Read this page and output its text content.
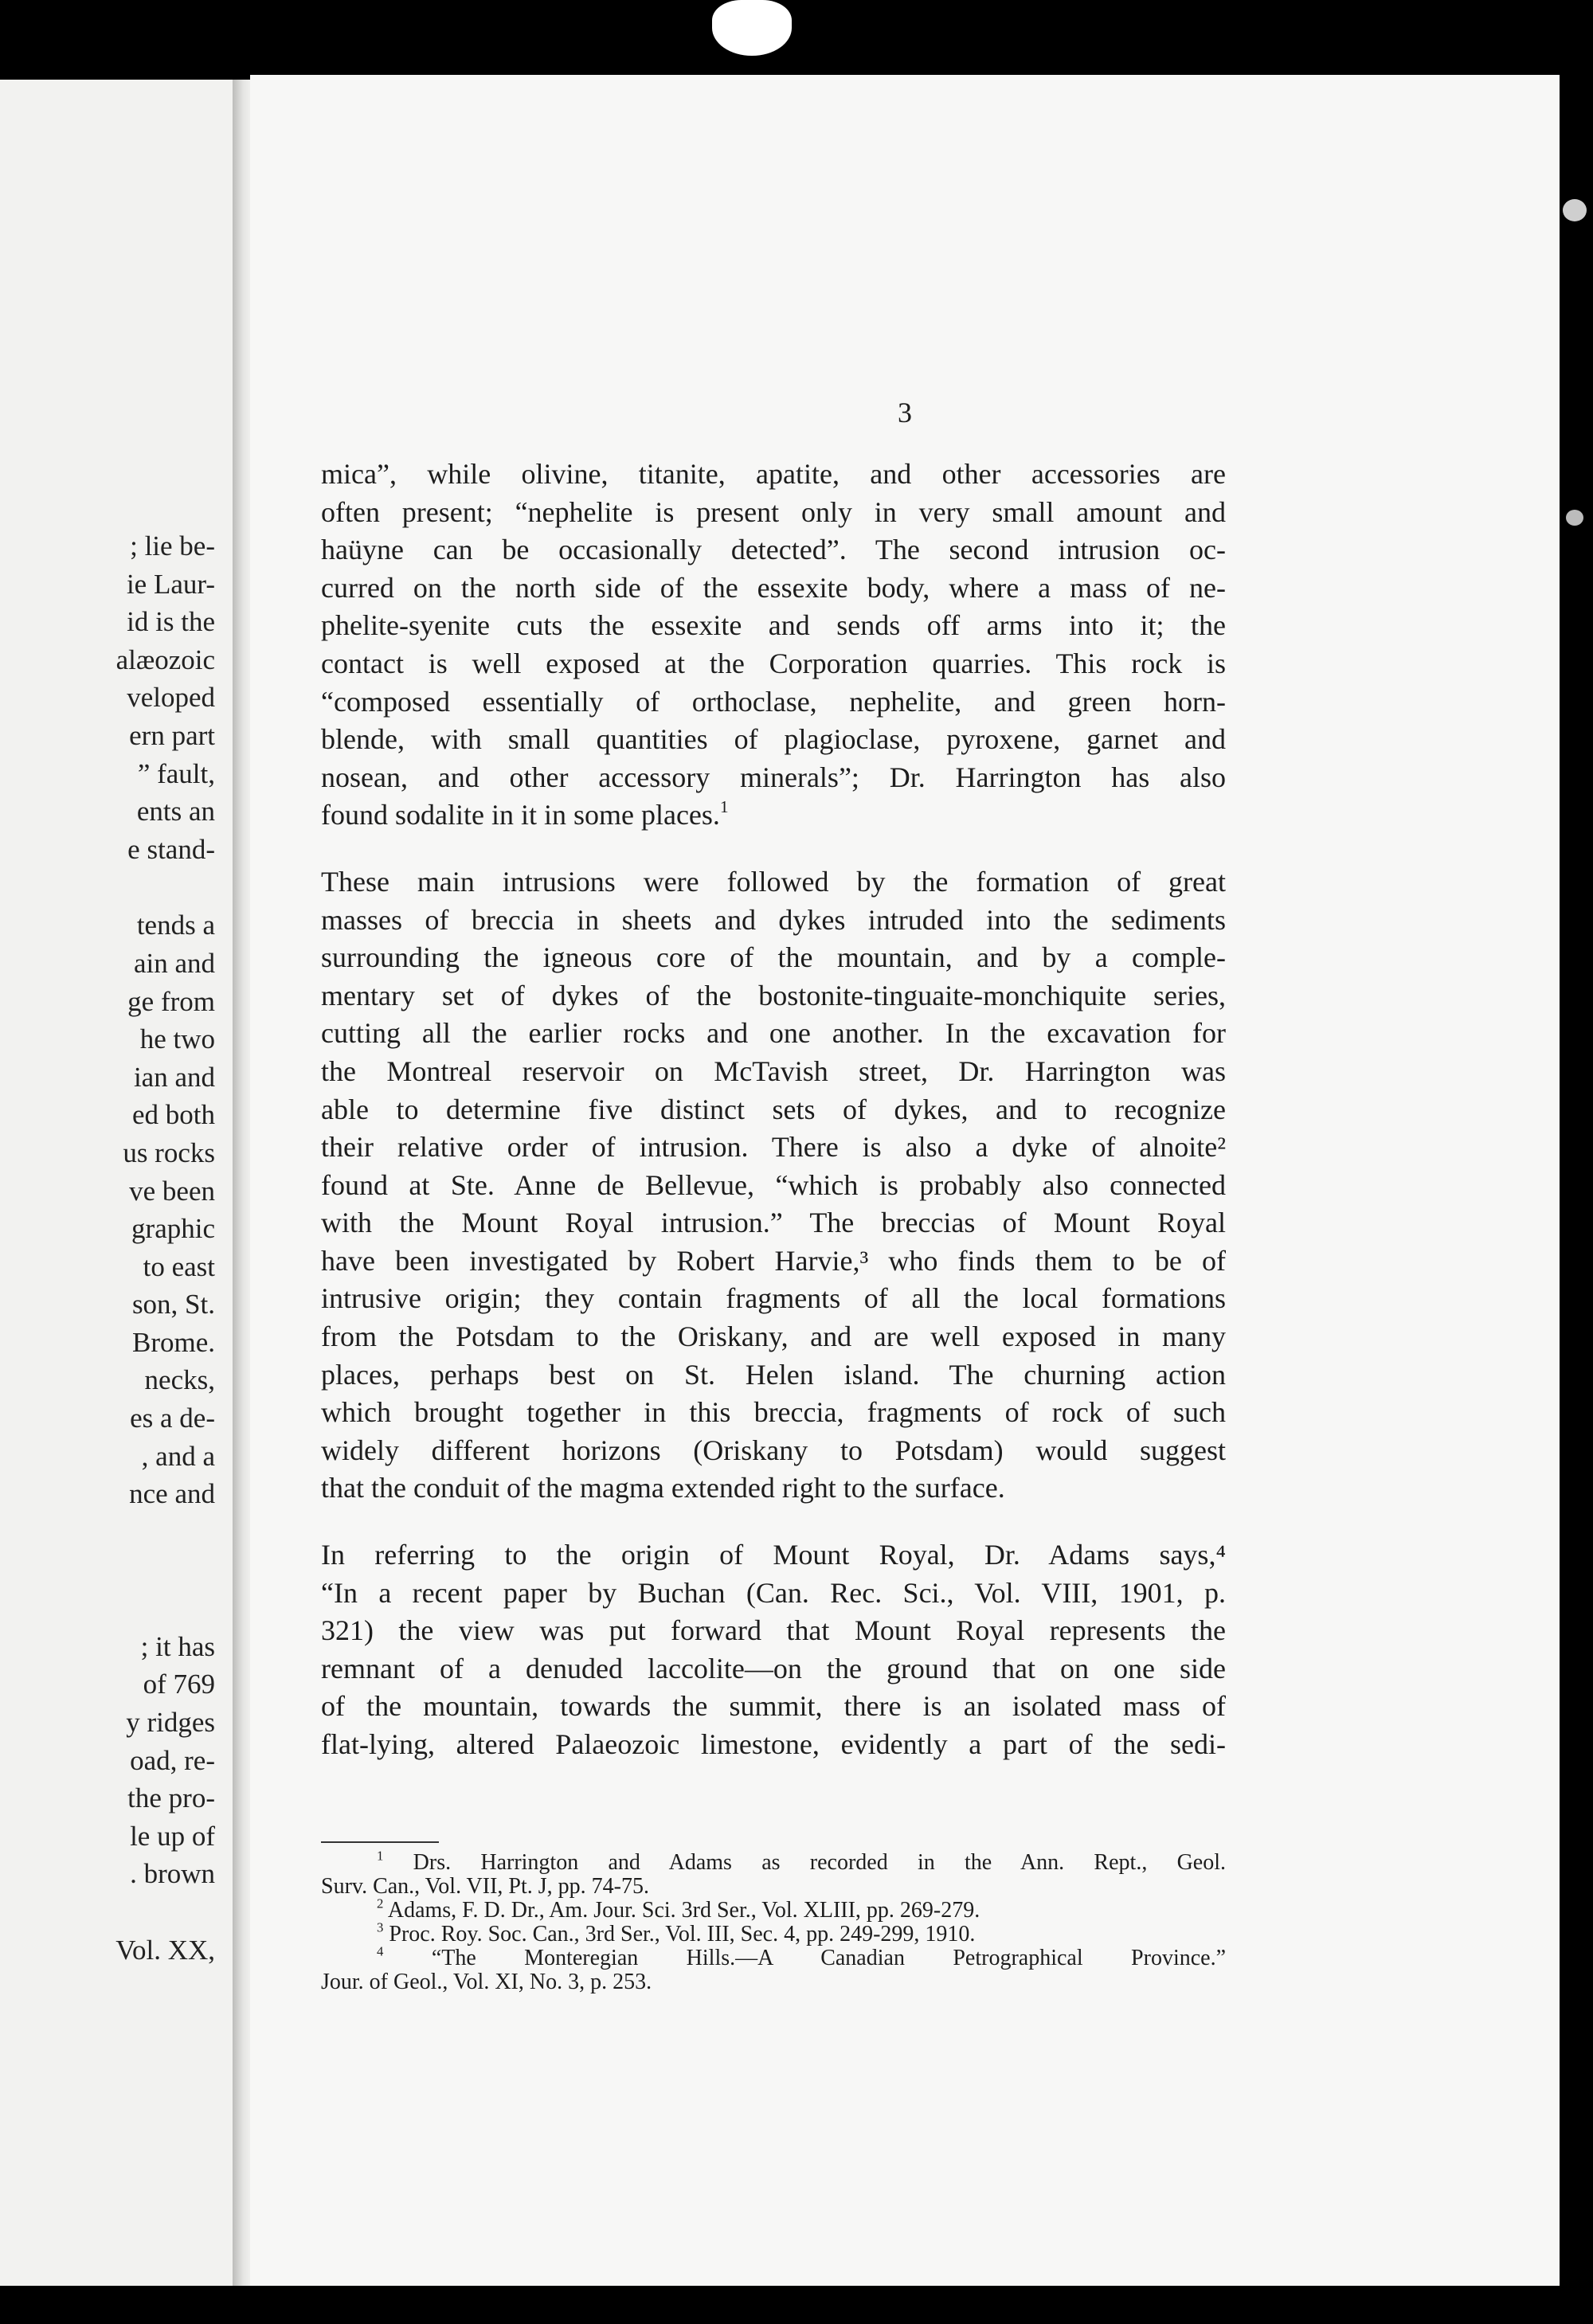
; lie be-
ie Laur-
id is the
alæozoic
veloped
ern part
” fault,
ents an
e stand-
tends a
ain and
ge from
he two
ian and
ed both
us rocks
ve been
graphic
to east
son, St.
Brome.
necks,
es a de-
, and a
nce and
; it has
of 769
y ridges
oad, re-
the pro-
le up of
. brown
Vol. XX,
3
mica”, while olivine, titanite, apatite, and other accessories are
often present; “nephelite is present only in very small amount and
haüyne can be occasionally detected”. The second intrusion oc-
curred on the north side of the essexite body, where a mass of ne-
phelite-syenite cuts the essexite and sends off arms into it; the
contact is well exposed at the Corporation quarries. This rock is
“composed essentially of orthoclase, nephelite, and green horn-
blende, with small quantities of plagioclase, pyroxene, garnet and
nosean, and other accessory minerals”; Dr. Harrington has also
found sodalite in it in some places.$^1$
These main intrusions were followed by the formation of great
masses of breccia in sheets and dykes intruded into the sediments
surrounding the igneous core of the mountain, and by a comple-
mentary set of dykes of the bostonite-tinguaite-monchiquite series,
cutting all the earlier rocks and one another. In the excavation for
the Montreal reservoir on McTavish street, Dr. Harrington was
able to determine five distinct sets of dykes, and to recognize
their relative order of intrusion. There is also a dyke of alnoite²
found at Ste. Anne de Bellevue, “which is probably also connected
with the Mount Royal intrusion.” The breccias of Mount Royal
have been investigated by Robert Harvie,³ who finds them to be of
intrusive origin; they contain fragments of all the local formations
from the Potsdam to the Oriskany, and are well exposed in many
places, perhaps best on St. Helen island. The churning action
which brought together in this breccia, fragments of rock of such
widely different horizons (Oriskany to Potsdam) would suggest
that the conduit of the magma extended right to the surface.
In referring to the origin of Mount Royal, Dr. Adams says,⁴
“In a recent paper by Buchan (Can. Rec. Sci., Vol. VIII, 1901, p.
321) the view was put forward that Mount Royal represents the
remnant of a denuded laccolite—on the ground that on one side
of the mountain, towards the summit, there is an isolated mass of
flat-lying, altered Palaeozoic limestone, evidently a part of the sedi-
$^1$ Drs. Harrington and Adams as recorded in the Ann. Rept., Geol.
Surv. Can., Vol. VII, Pt. J, pp. 74-75.
$^2$ Adams, F. D. Dr., Am. Jour. Sci. 3rd Ser., Vol. XLIII, pp. 269-279.
$^3$ Proc. Roy. Soc. Can., 3rd Ser., Vol. III, Sec. 4, pp. 249-299, 1910.
$^4$ “The Monteregian Hills.—A Canadian Petrographical Province.”
Jour. of Geol., Vol. XI, No. 3, p. 253.
